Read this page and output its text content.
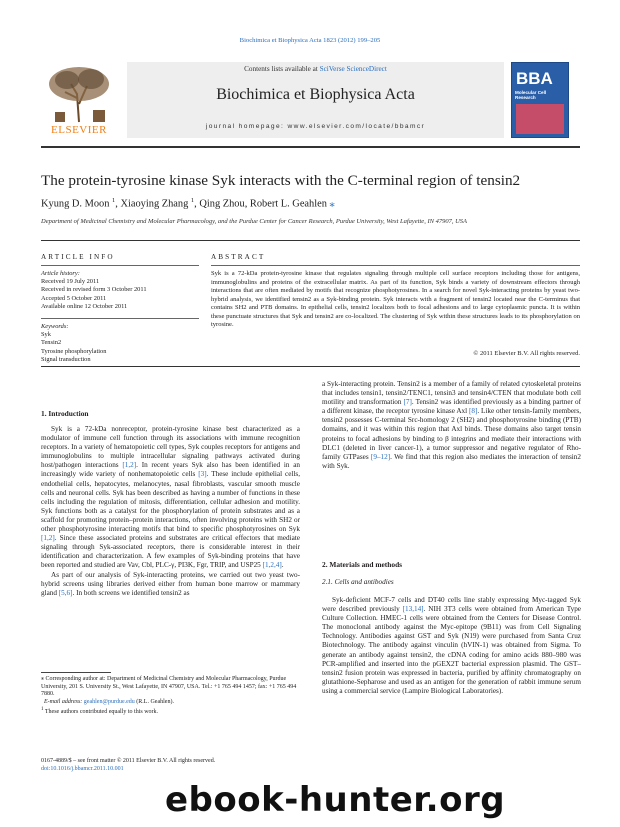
Biochimica et Biophysica Acta 1823 (2012) 199–205
ELSEVIER
Contents lists available at SciVerse ScienceDirect
Biochimica et Biophysica Acta
journal homepage: www.elsevier.com/locate/bbamcr
BBA
Molecular Cell Research
The protein-tyrosine kinase Syk interacts with the C-terminal region of tensin2
Kyung D. Moon $^1$, Xiaoying Zhang $^1$, Qing Zhou, Robert L. Geahlen ⁎
Department of Medicinal Chemistry and Molecular Pharmacology, and the Purdue Center for Cancer Research, Purdue University, West Lafayette, IN 47907, USA
ARTICLE INFO	ABSTRACT
Article history:
Received 19 July 2011
Received in revised form 3 October 2011
Accepted 5 October 2011
Available online 12 October 2011
Keywords:
Syk
Tensin2
Tyrosine phosphorylation
Signal transduction
Syk is a 72-kDa protein-tyrosine kinase that regulates signaling through multiple cell surface receptors including those for antigens, immunoglobulins and proteins of the extracellular matrix. As part of its function, Syk binds a variety of downstream effectors through interactions that are often mediated by motifs that recognize phosphotyrosines. In a search for novel Syk-interacting proteins by yeast two-hybrid analysis, we identified tensin2 as a Syk-binding protein. Syk interacts with a fragment of tensin2 located near the C-terminus that contains SH2 and PTB domains. In epithelial cells, tensin2 localizes both to focal adhesions and to large cytoplasmic puncta. It is within these punctuate structures that Syk and tensin2 are co-localized. The clustering of Syk within these structures leads to its phosphorylation on tyrosine.
© 2011 Elsevier B.V. All rights reserved.
1. Introduction

Syk is a 72-kDa nonreceptor, protein-tyrosine kinase best characterized as a modulator of immune cell function through its associations with immune recognition receptors. In a variety of hematopoietic cell types, Syk couples receptors for antigens and immunoglobulins to multiple intracellular signaling pathways activated during host/pathogen interactions [1,2]. In recent years Syk also has been identified in an increasingly wide variety of nonhematopoietic cells [3]. These include epithelial cells, endothelial cells, hepatocytes, melanocytes, nasal fibroblasts, vascular smooth muscle cells and neuronal cells. Syk has been described as having a number of functions in these cells including the regulation of mitosis, differentiation, cellular adhesion and motility. Syk functions both as a catalyst for the phosphorylation of protein substrates and as a scaffold for promoting protein–protein interactions, often involving proteins with SH2 or other phosphotyrosine interacting motifs that bind to specific phosphotyrosines on Syk [1,2]. Since these associated proteins and substrates are critical effectors that mediate signaling through Syk-associated receptors, there is considerable interest in their identification and characterization. A few examples of Syk-binding proteins that have been reported and studied are Vav, Cbl, PLC-γ, PI3K, Fgr, TRIP, and USP25 [1,2,4].

As part of our analysis of Syk-interacting proteins, we carried out two yeast two-hybrid screens using libraries derived either from human bone marrow or mammary gland [5,6]. In both screens we identified tensin2 as

⁎ Corresponding author at: Department of Medicinal Chemistry and Molecular Pharmacology, Purdue University, 201 S. University St., West Lafayette, IN 47907, USA. Tel.: +1 765 494 1457; fax: +1 765 494 7880.
E-mail address: geahlen@purdue.edu (R.L. Geahlen).
$^1$ These authors contributed equally to this work.
0167-4889/$ – see front matter © 2011 Elsevier B.V. All rights reserved.
doi:10.1016/j.bbamcr.2011.10.001

a Syk-interacting protein. Tensin2 is a member of a family of related cytoskeletal proteins that includes tensin1, tensin2/TENC1, tensin3 and tensin4/CTEN that modulate both cell motility and transformation [7]. Tensin2 was identified previously as a binding partner of a different kinase, the receptor tyrosine kinase Axl [8]. Like other tensin-family members, tensin2 possesses C-terminal Src-homology 2 (SH2) and phosphotyrosine binding (PTB) domains, and it was within this region that Axl binds. These domains also target tensin proteins to focal adhesions by binding to β integrins and mediate their interactions with DLC1 (deleted in liver cancer-1), a tumor suppressor and negative regulator of Rho-family GTPases [9–12]. We find that this region also mediates the interaction of tensin2 with Syk.

2. Materials and methods
2.1. Cells and antibodies

Syk-deficient MCF-7 cells and DT40 cells line stably expressing Myc-tagged Syk were described previously [13,14]. NIH 3T3 cells were obtained from American Type Culture Collection. HMEC-1 cells were obtained from the Centers for Disease Control. The monoclonal antibody against the Myc-epitope (9B11) was from Cell Signaling Technology. Antibodies against GST and Syk (N19) were purchased from Santa Cruz Biotechnology. The antibody against vinculin (hVIN-1) was obtained from Sigma. To generate an antibody against tensin2, the cDNA coding for amino acids 880–980 was PCR-amplified and inserted into the pGEX2T bacterial expression plasmid. The GST–tensin2 fusion protein was expressed in bacteria, purified by affinity chromatography on glutathione-Sepharose and used as an antigen for the generation of rabbit immune serum using a commercial service (Lampire Biological Laboratories).

ebook-hunter.org
